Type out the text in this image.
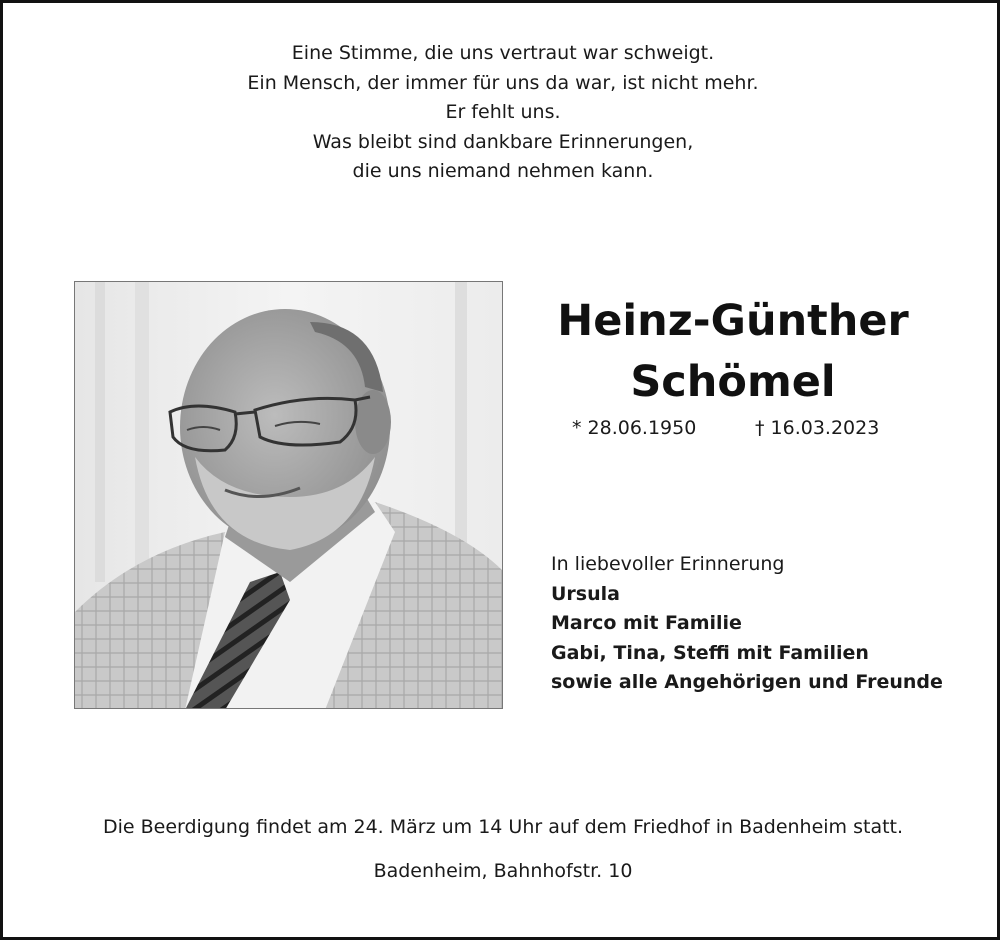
Eine Stimme, die uns vertraut war schweigt.
Ein Mensch, der immer für uns da war, ist nicht mehr.
Er fehlt uns.
Was bleibt sind dankbare Erinnerungen,
die uns niemand nehmen kann.
Heinz-Günther
Schömel
* 28.06.1950	† 16.03.2023
In liebevoller Erinnerung
Ursula
Marco mit Familie
Gabi, Tina, Steffi mit Familien
sowie alle Angehörigen und Freunde
Die Beerdigung findet am 24. März um 14 Uhr auf dem Friedhof in Badenheim statt.
Badenheim, Bahnhofstr. 10
